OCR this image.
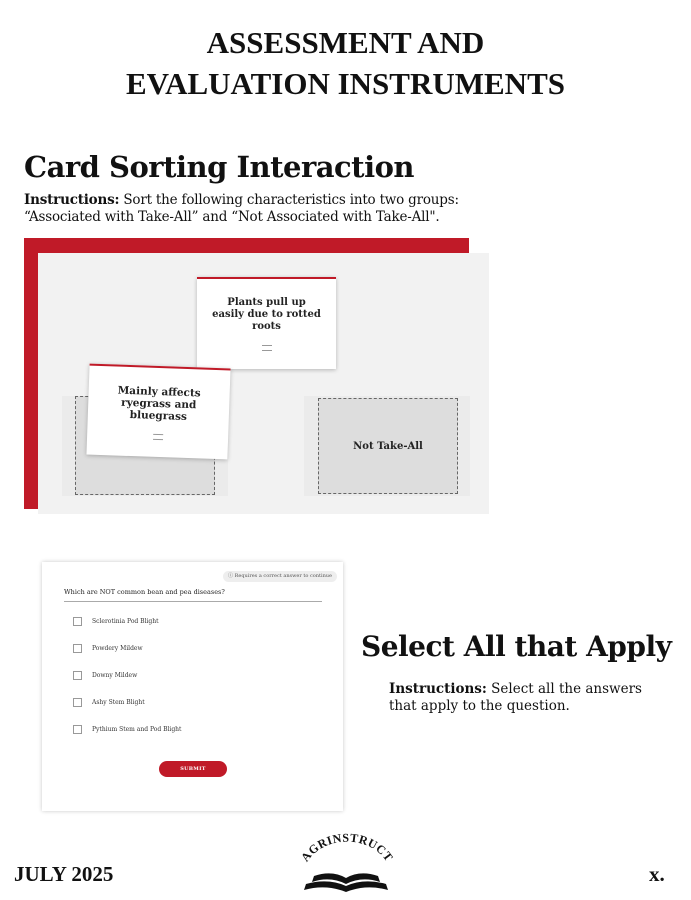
ASSESSMENT AND
EVALUATION INSTRUMENTS
Card Sorting Interaction
Instructions: Sort the following characteristics into two groups:
“Associated with Take-All” and “Not Associated with Take-All".
Not Take-All
Plants pull up easily due to rotted roots
Mainly affects ryegrass and bluegrass
ⓘ Requires a correct answer to continue
Which are NOT common bean and pea diseases?
Sclerotinia Pod Blight
Powdery Mildew
Downy Mildew
Ashy Stem Blight
Pythium Stem and Pod Blight
SUBMIT
Select All that Apply
Instructions: Select all the answers that apply to the question.
JULY 2025	x.
AGRINSTRUCT
